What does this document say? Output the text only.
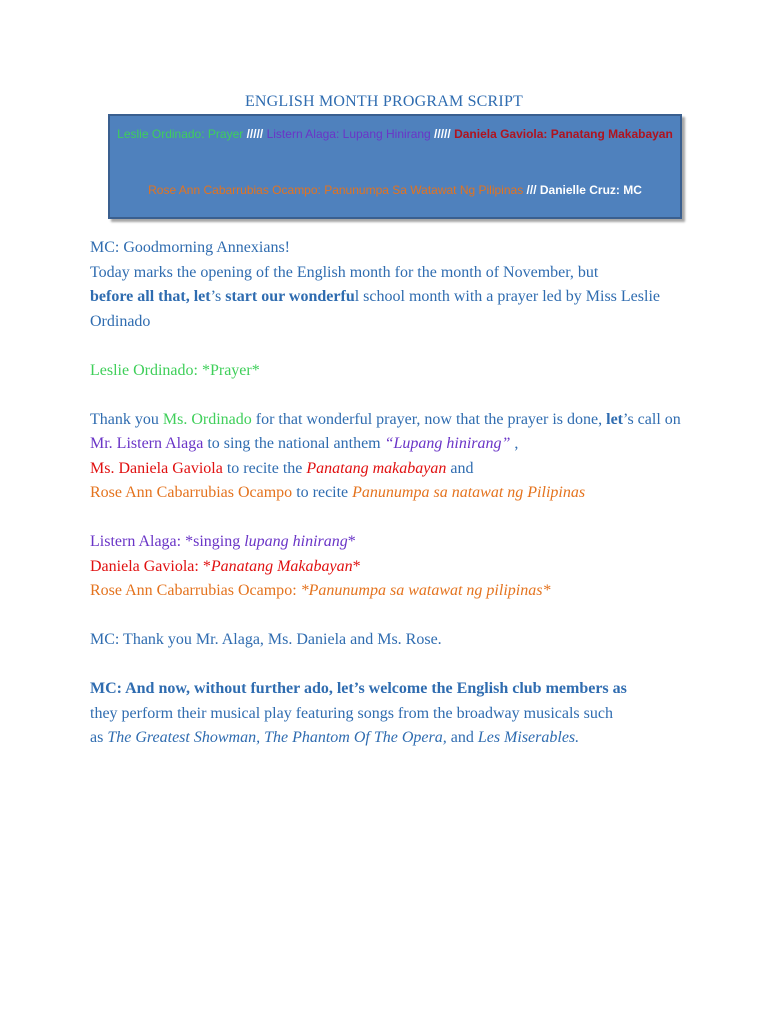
ENGLISH MONTH PROGRAM SCRIPT
Leslie Ordinado: Prayer ///// Listern Alaga: Lupang Hinirang ///// Daniela Gaviola: Panatang Makabayan
Rose Ann Cabarrubias Ocampo: Panunumpa Sa Watawat Ng Pilipinas /// Danielle Cruz: MC

MC: Goodmorning Annexians!

Today marks the opening of the English month for the month of November, but

before all that, let’s start our wonderful school month with a prayer led by Miss Leslie Ordinado

Leslie Ordinado: *Prayer*

Thank you Ms. Ordinado for that wonderful prayer, now that the prayer is done, let’s call on Mr. Listern Alaga to sing the national anthem “Lupang hinirang” ,
Ms. Daniela Gaviola to recite the Panatang makabayan and
Rose Ann Cabarrubias Ocampo to recite Panunumpa sa natawat ng Pilipinas

Listern Alaga: *singing lupang hinirang*

Daniela Gaviola: *Panatang Makabayan*

Rose Ann Cabarrubias Ocampo: *Panunumpa sa watawat ng pilipinas*

MC: Thank you Mr. Alaga, Ms. Daniela and Ms. Rose.

MC: And now, without further ado, let’s welcome the English club members as

they perform their musical play featuring songs from the broadway musicals such

as The Greatest Showman, The Phantom Of The Opera, and Les Miserables.
